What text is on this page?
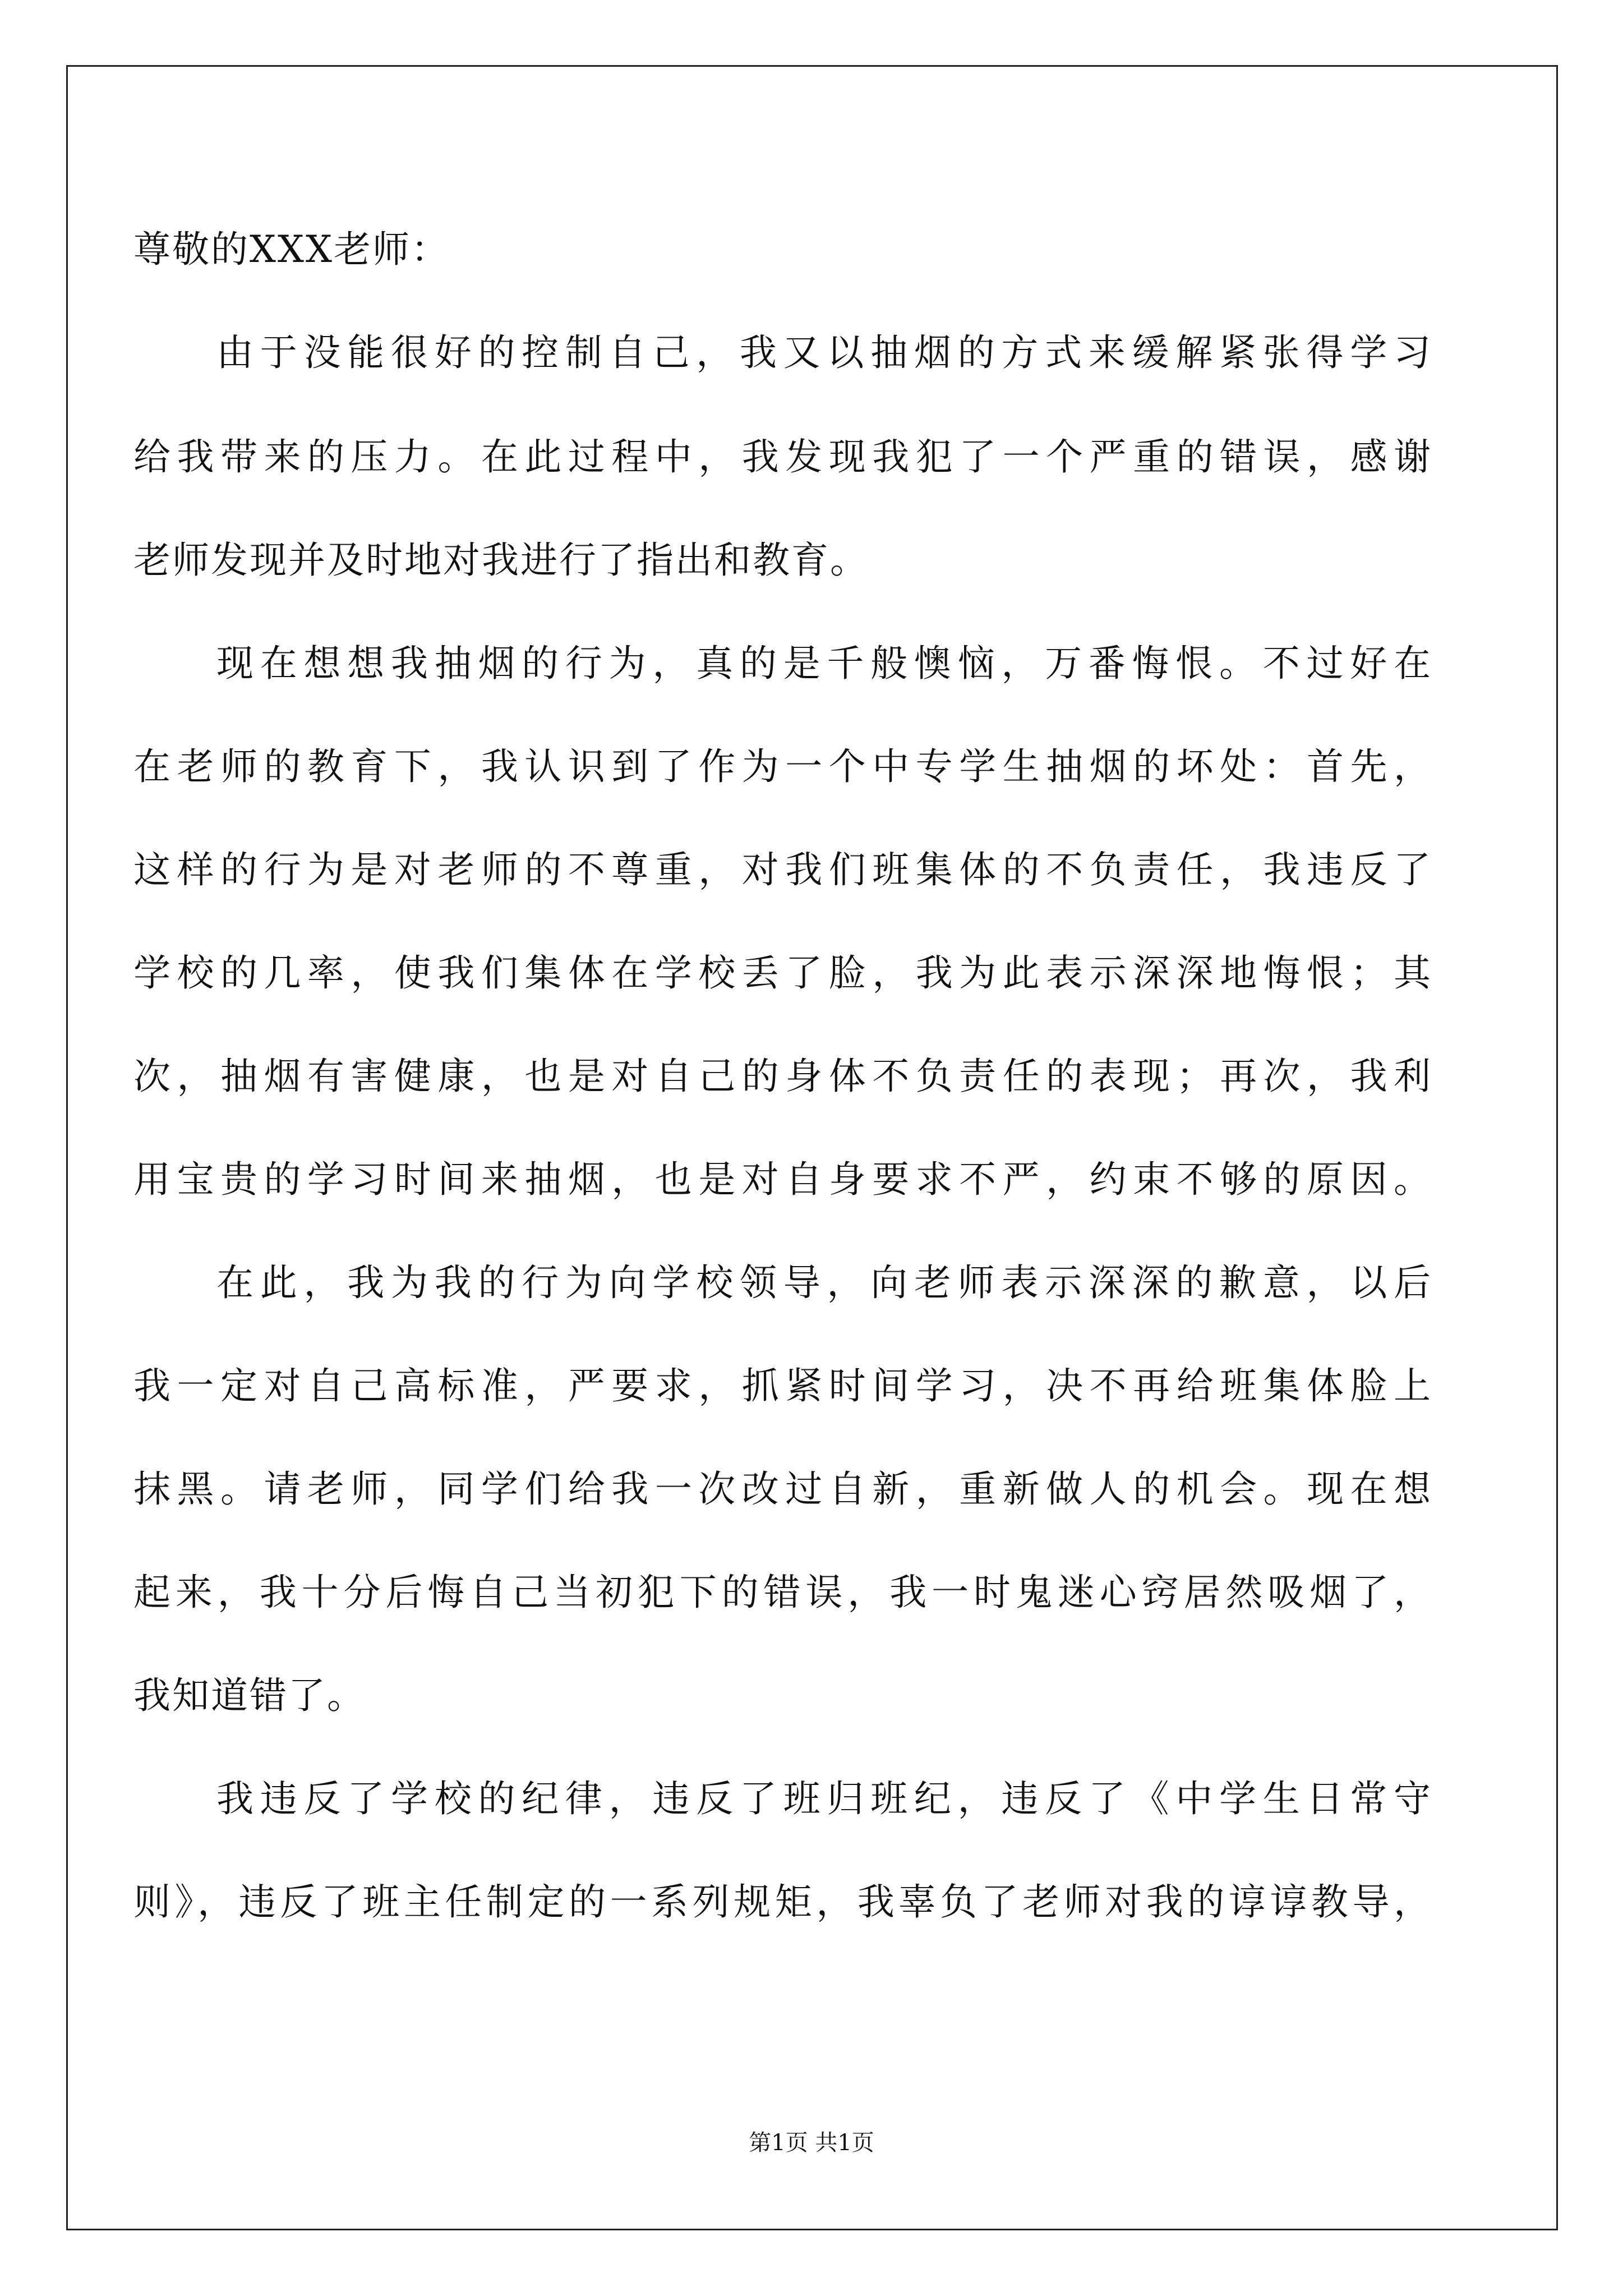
尊敬的XXX老师：
由于没能很好的控制自己，我又以抽烟的方式来缓解紧张得学习
给我带来的压力。在此过程中，我发现我犯了一个严重的错误，感谢
老师发现并及时地对我进行了指出和教育。
现在想想我抽烟的行为，真的是千般懊恼，万番悔恨。不过好在
在老师的教育下，我认识到了作为一个中专学生抽烟的坏处：首先，
这样的行为是对老师的不尊重，对我们班集体的不负责任，我违反了
学校的几率，使我们集体在学校丢了脸，我为此表示深深地悔恨；其
次，抽烟有害健康，也是对自己的身体不负责任的表现；再次，我利
用宝贵的学习时间来抽烟，也是对自身要求不严，约束不够的原因。
在此，我为我的行为向学校领导，向老师表示深深的歉意，以后
我一定对自己高标准，严要求，抓紧时间学习，决不再给班集体脸上
抹黑。请老师，同学们给我一次改过自新，重新做人的机会。现在想
起来，我十分后悔自己当初犯下的错误，我一时鬼迷心窍居然吸烟了，
我知道错了。
我违反了学校的纪律，违反了班归班纪，违反了《中学生日常守
则》，违反了班主任制定的一系列规矩，我辜负了老师对我的谆谆教导，
第1页 共1页
